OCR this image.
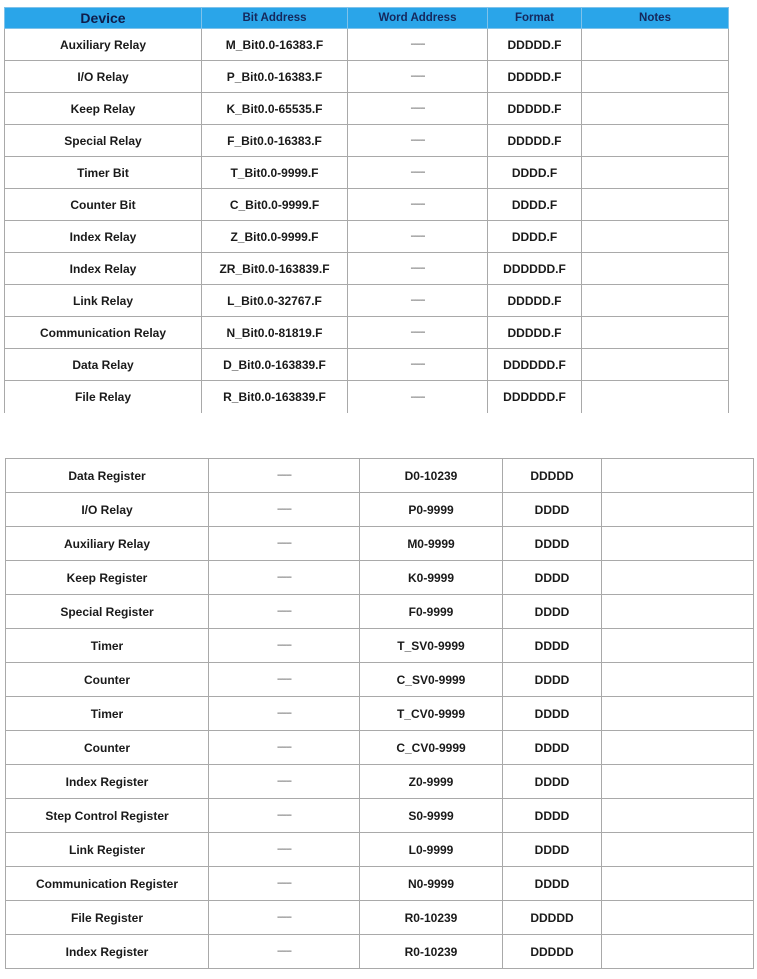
Device	Bit Address	Word Address	Format	Notes
Auxiliary Relay	M_Bit0.0-16383.F	------	DDDDD.F	
I/O Relay	P_Bit0.0-16383.F	------	DDDDD.F	
Keep Relay	K_Bit0.0-65535.F	------	DDDDD.F	
Special Relay	F_Bit0.0-16383.F	------	DDDDD.F	
Timer Bit	T_Bit0.0-9999.F	------	DDDD.F	
Counter Bit	C_Bit0.0-9999.F	------	DDDD.F	
Index Relay	Z_Bit0.0-9999.F	------	DDDD.F	
Index Relay	ZR_Bit0.0-163839.F	------	DDDDDD.F	
Link Relay	L_Bit0.0-32767.F	------	DDDDD.F	
Communication Relay	N_Bit0.0-81819.F	------	DDDDD.F	
Data Relay	D_Bit0.0-163839.F	------	DDDDDD.F	
File Relay	R_Bit0.0-163839.F	------	DDDDDD.F	
Data Register	------	D0-10239	DDDDD	
I/O Relay	------	P0-9999	DDDD	
Auxiliary Relay	------	M0-9999	DDDD	
Keep Register	------	K0-9999	DDDD	
Special Register	------	F0-9999	DDDD	
Timer	------	T_SV0-9999	DDDD	
Counter	------	C_SV0-9999	DDDD	
Timer	------	T_CV0-9999	DDDD	
Counter	------	C_CV0-9999	DDDD	
Index Register	------	Z0-9999	DDDD	
Step Control Register	------	S0-9999	DDDD	
Link Register	------	L0-9999	DDDD	
Communication Register	------	N0-9999	DDDD	
File Register	------	R0-10239	DDDDD	
Index Register	------	R0-10239	DDDDD	
